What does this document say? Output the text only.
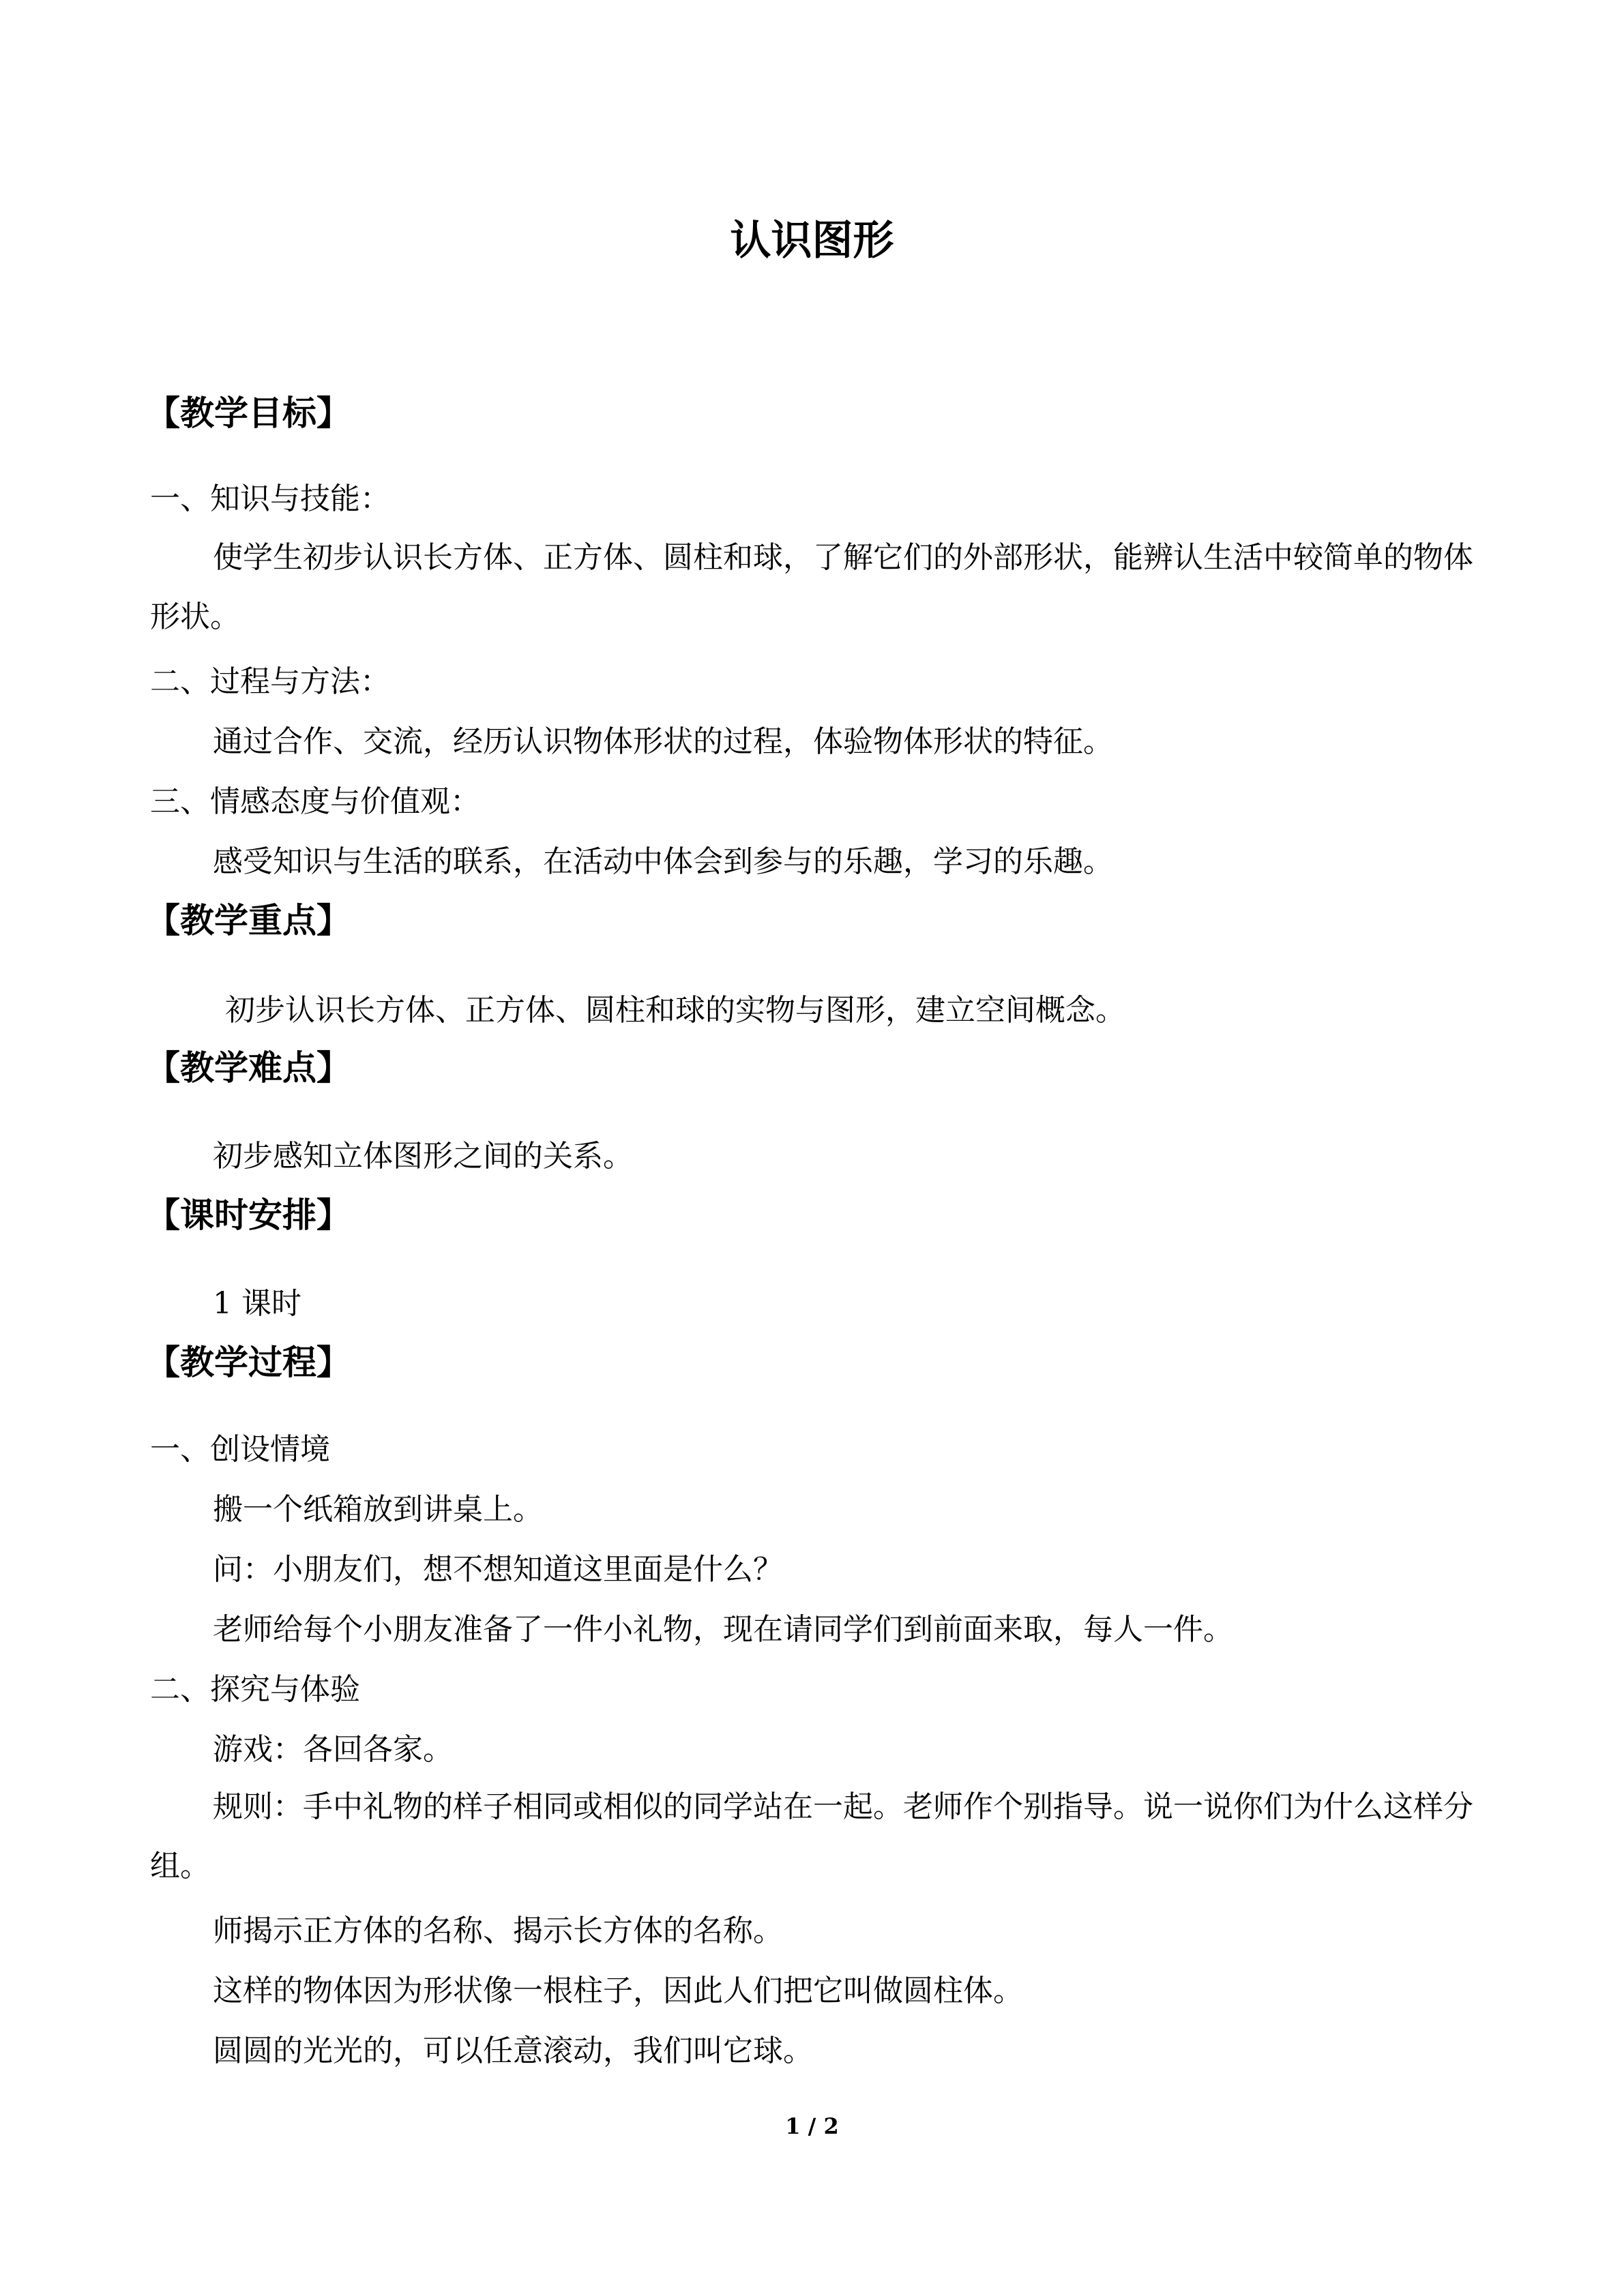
认识图形
【教学目标】
一、知识与技能：

使学生初步认识长方体、正方体、圆柱和球，了解它们的外部形状，能辨认生活中较简单的物体形状。

二、过程与方法：
通过合作、交流，经历认识物体形状的过程，体验物体形状的特征。
三、情感态度与价值观：
感受知识与生活的联系，在活动中体会到参与的乐趣，学习的乐趣。
【教学重点】
初步认识长方体、正方体、圆柱和球的实物与图形，建立空间概念。
【教学难点】
初步感知立体图形之间的关系。
【课时安排】
1 课时
【教学过程】
一、创设情境
搬一个纸箱放到讲桌上。
问：小朋友们，想不想知道这里面是什么？
老师给每个小朋友准备了一件小礼物，现在请同学们到前面来取，每人一件。
二、探究与体验
游戏：各回各家。

规则：手中礼物的样子相同或相似的同学站在一起。老师作个别指导。说一说你们为什么这样分组。

师揭示正方体的名称、揭示长方体的名称。
这样的物体因为形状像一根柱子，因此人们把它叫做圆柱体。
圆圆的光光的，可以任意滚动，我们叫它球。
1 / 2
